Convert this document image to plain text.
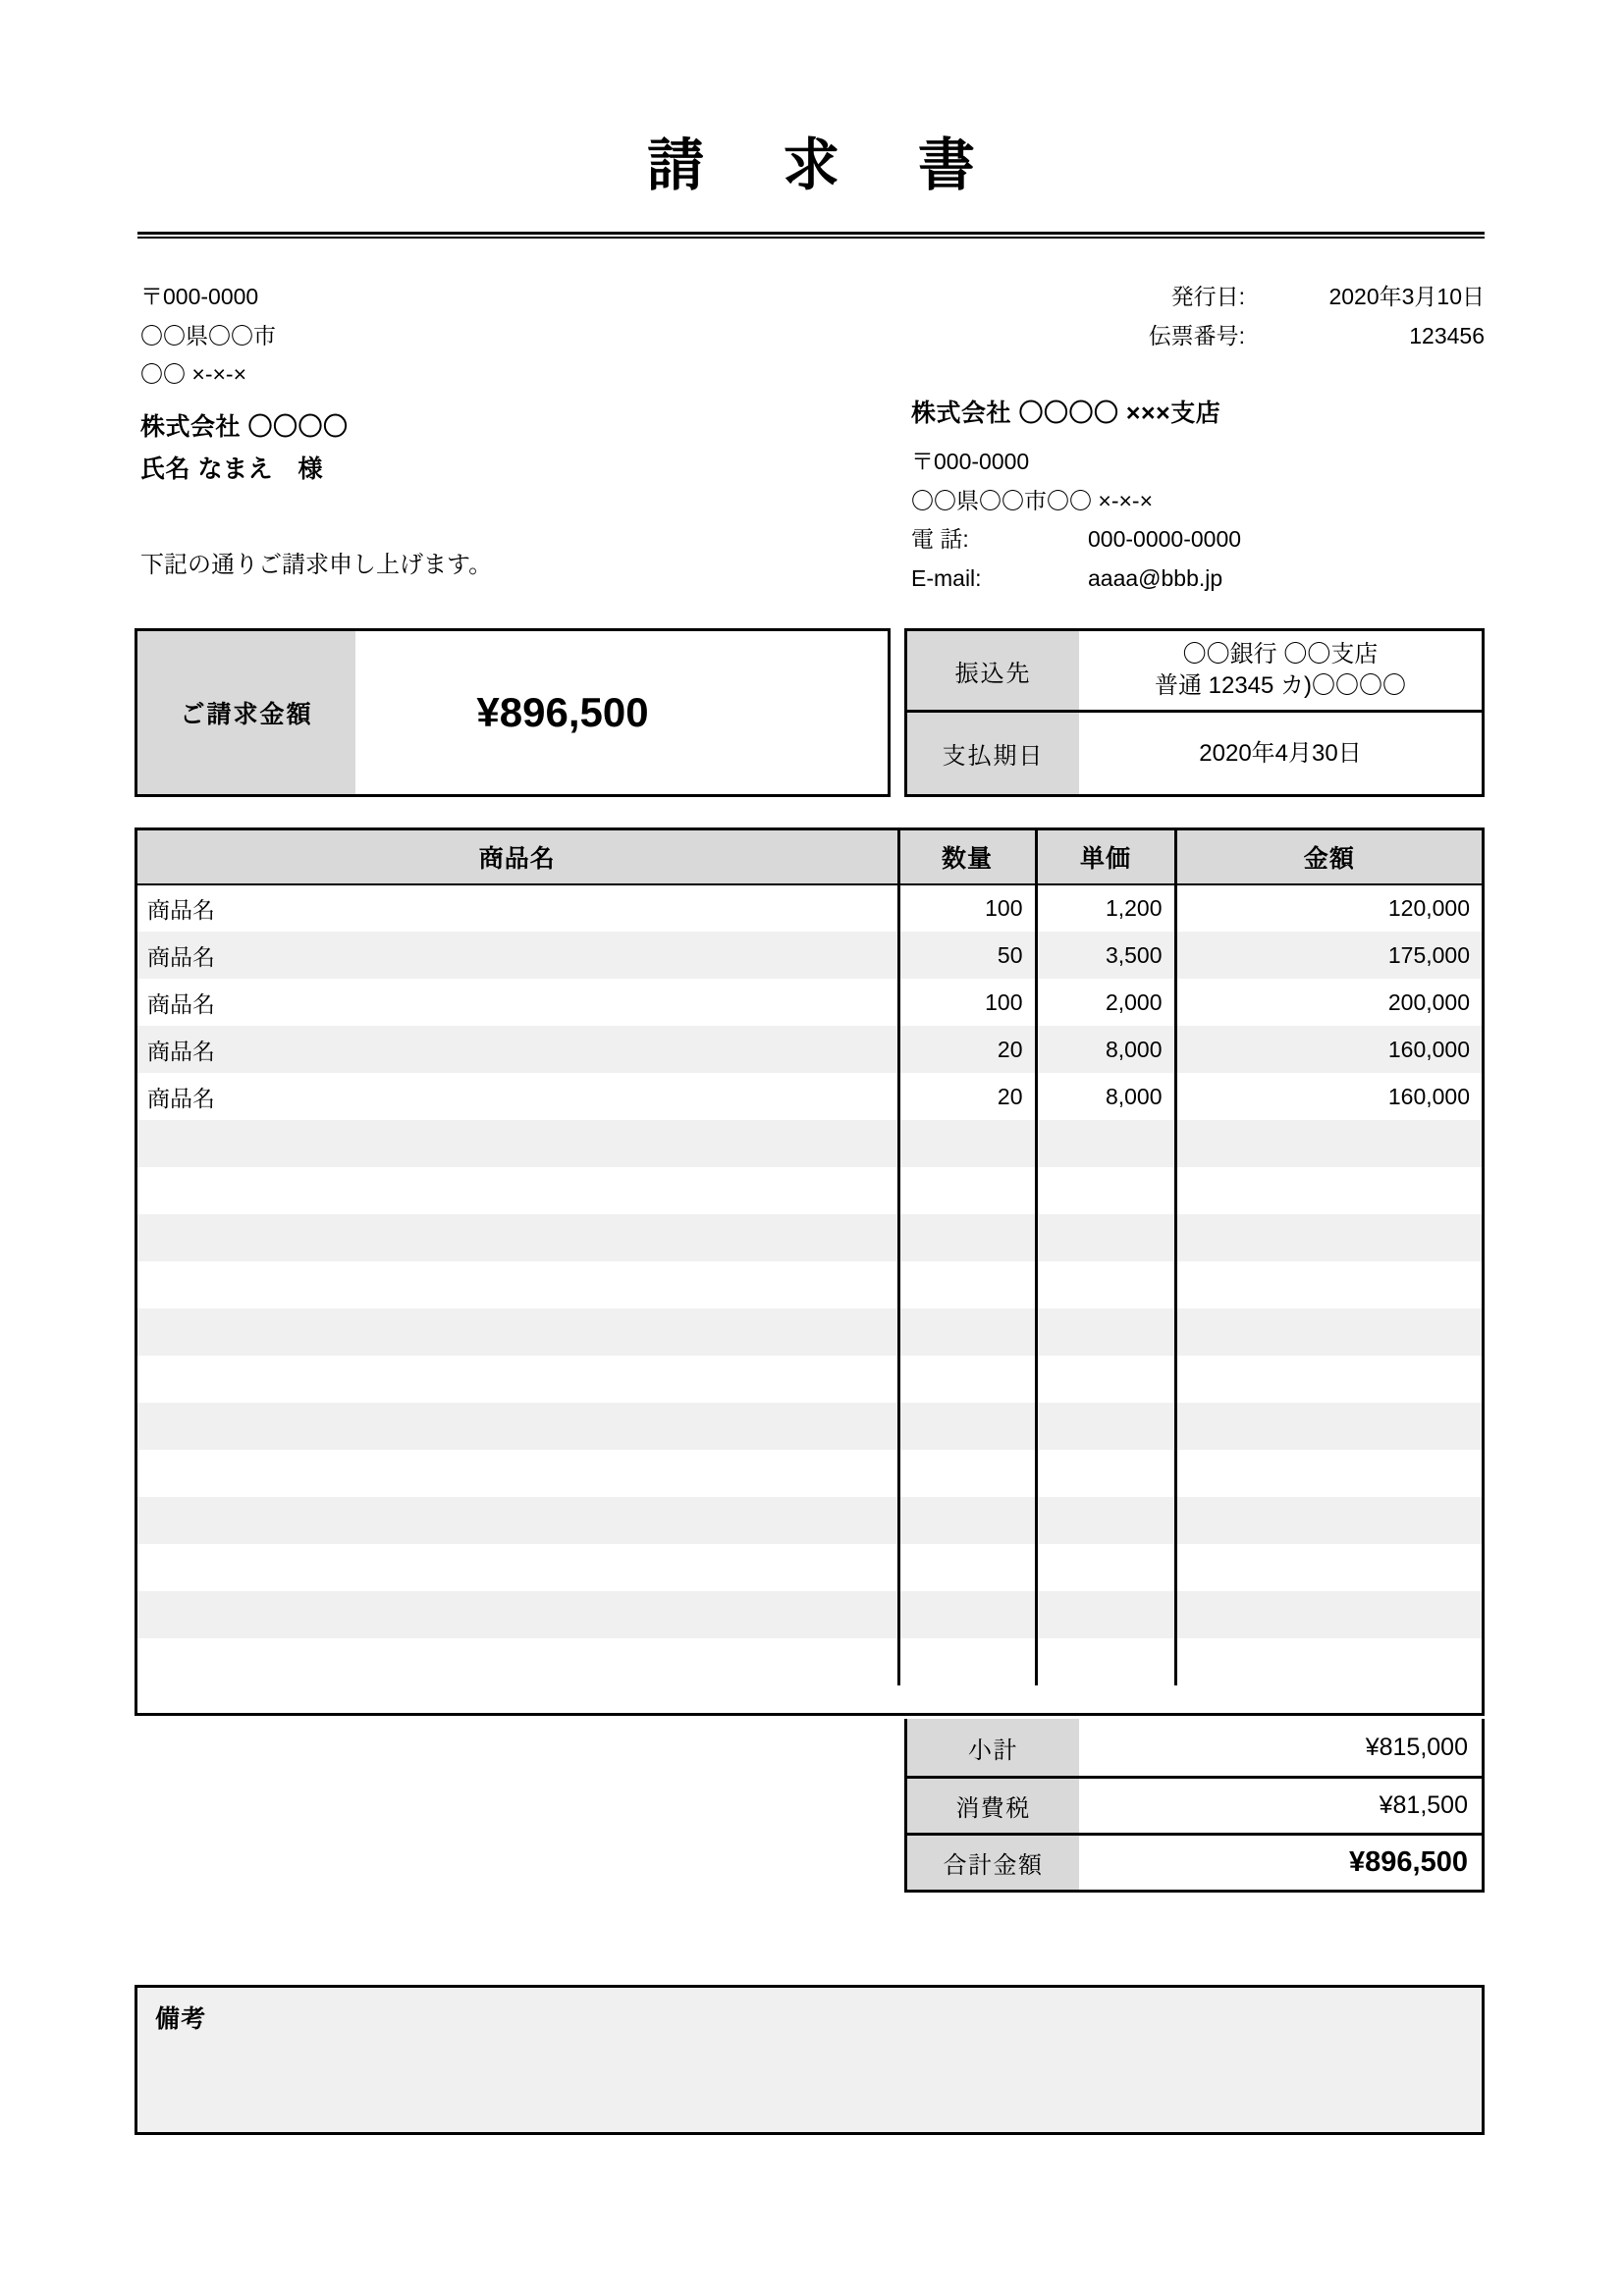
請 求 書
〒000-0000
〇〇県〇〇市
〇〇 ×-×-×
株式会社 〇〇〇〇
氏名 なまえ　様
下記の通りご請求申し上げます。
発行日:	2020年3月10日
伝票番号:	123456
株式会社 〇〇〇〇 ×××支店
〒000-0000
〇〇県〇〇市〇〇 ×-×-×
電 話:	000-0000-0000
E-mail:	aaaa@bbb.jp
ご請求金額	¥896,500
振込先
〇〇銀行 〇〇支店
普通 12345 カ)〇〇〇〇
支払期日	2020年4月30日
商品名	数量	単価	金額
商品名	100	1,200	120,000
商品名	50	3,500	175,000
商品名	100	2,000	200,000
商品名	20	8,000	160,000
商品名	20	8,000	160,000

小計	¥815,000
消費税	¥81,500
合計金額	¥896,500
備考
